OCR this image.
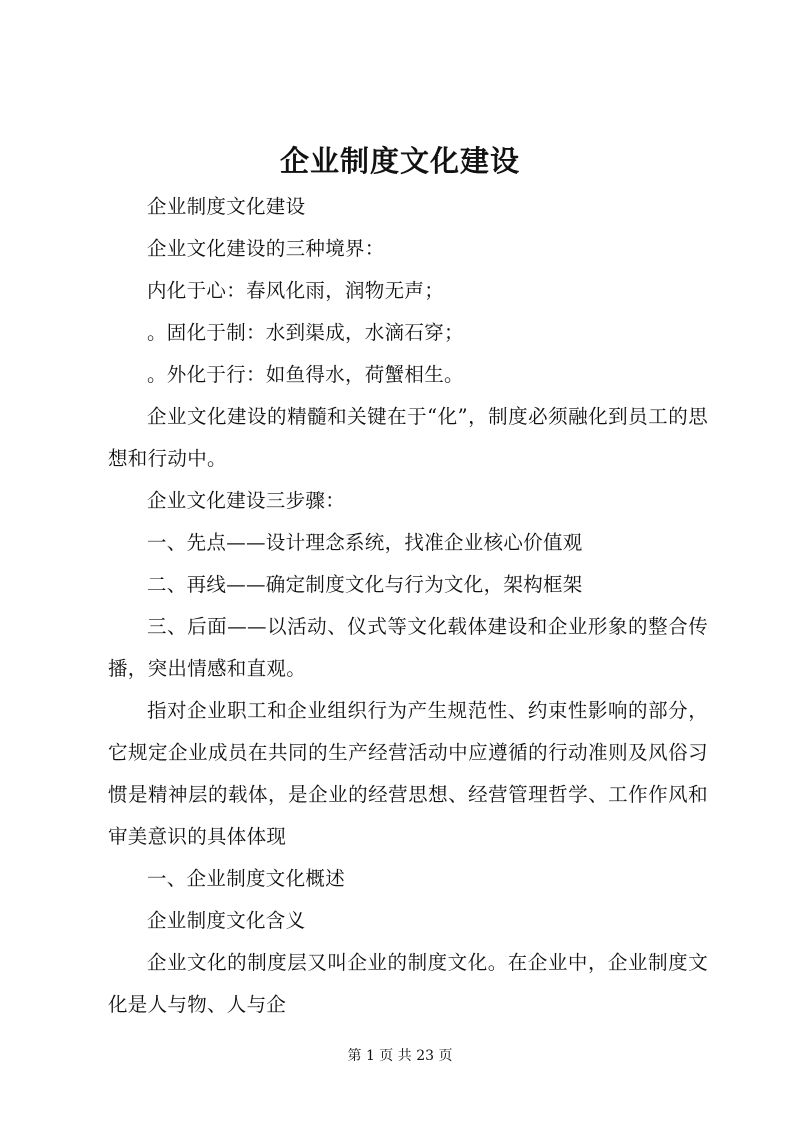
企业制度文化建设

企业制度文化建设

企业文化建设的三种境界：

内化于心：春风化雨，润物无声；

。固化于制：水到渠成，水滴石穿；

。外化于行：如鱼得水，荷蟹相生。

企业文化建设的精髓和关键在于“化”，制度必须融化到员工的思想和行动中。

企业文化建设三步骤：

一、先点——设计理念系统，找准企业核心价值观

二、再线——确定制度文化与行为文化，架构框架

三、后面——以活动、仪式等文化载体建设和企业形象的整合传播，突出情感和直观。

指对企业职工和企业组织行为产生规范性、约束性影响的部分，它规定企业成员在共同的生产经营活动中应遵循的行动准则及风俗习惯是精神层的载体，是企业的经营思想、经营管理哲学、工作作风和审美意识的具体体现

一、企业制度文化概述

企业制度文化含义

企业文化的制度层又叫企业的制度文化。在企业中，企业制度文化是人与物、人与企

第 1 页 共 23 页
